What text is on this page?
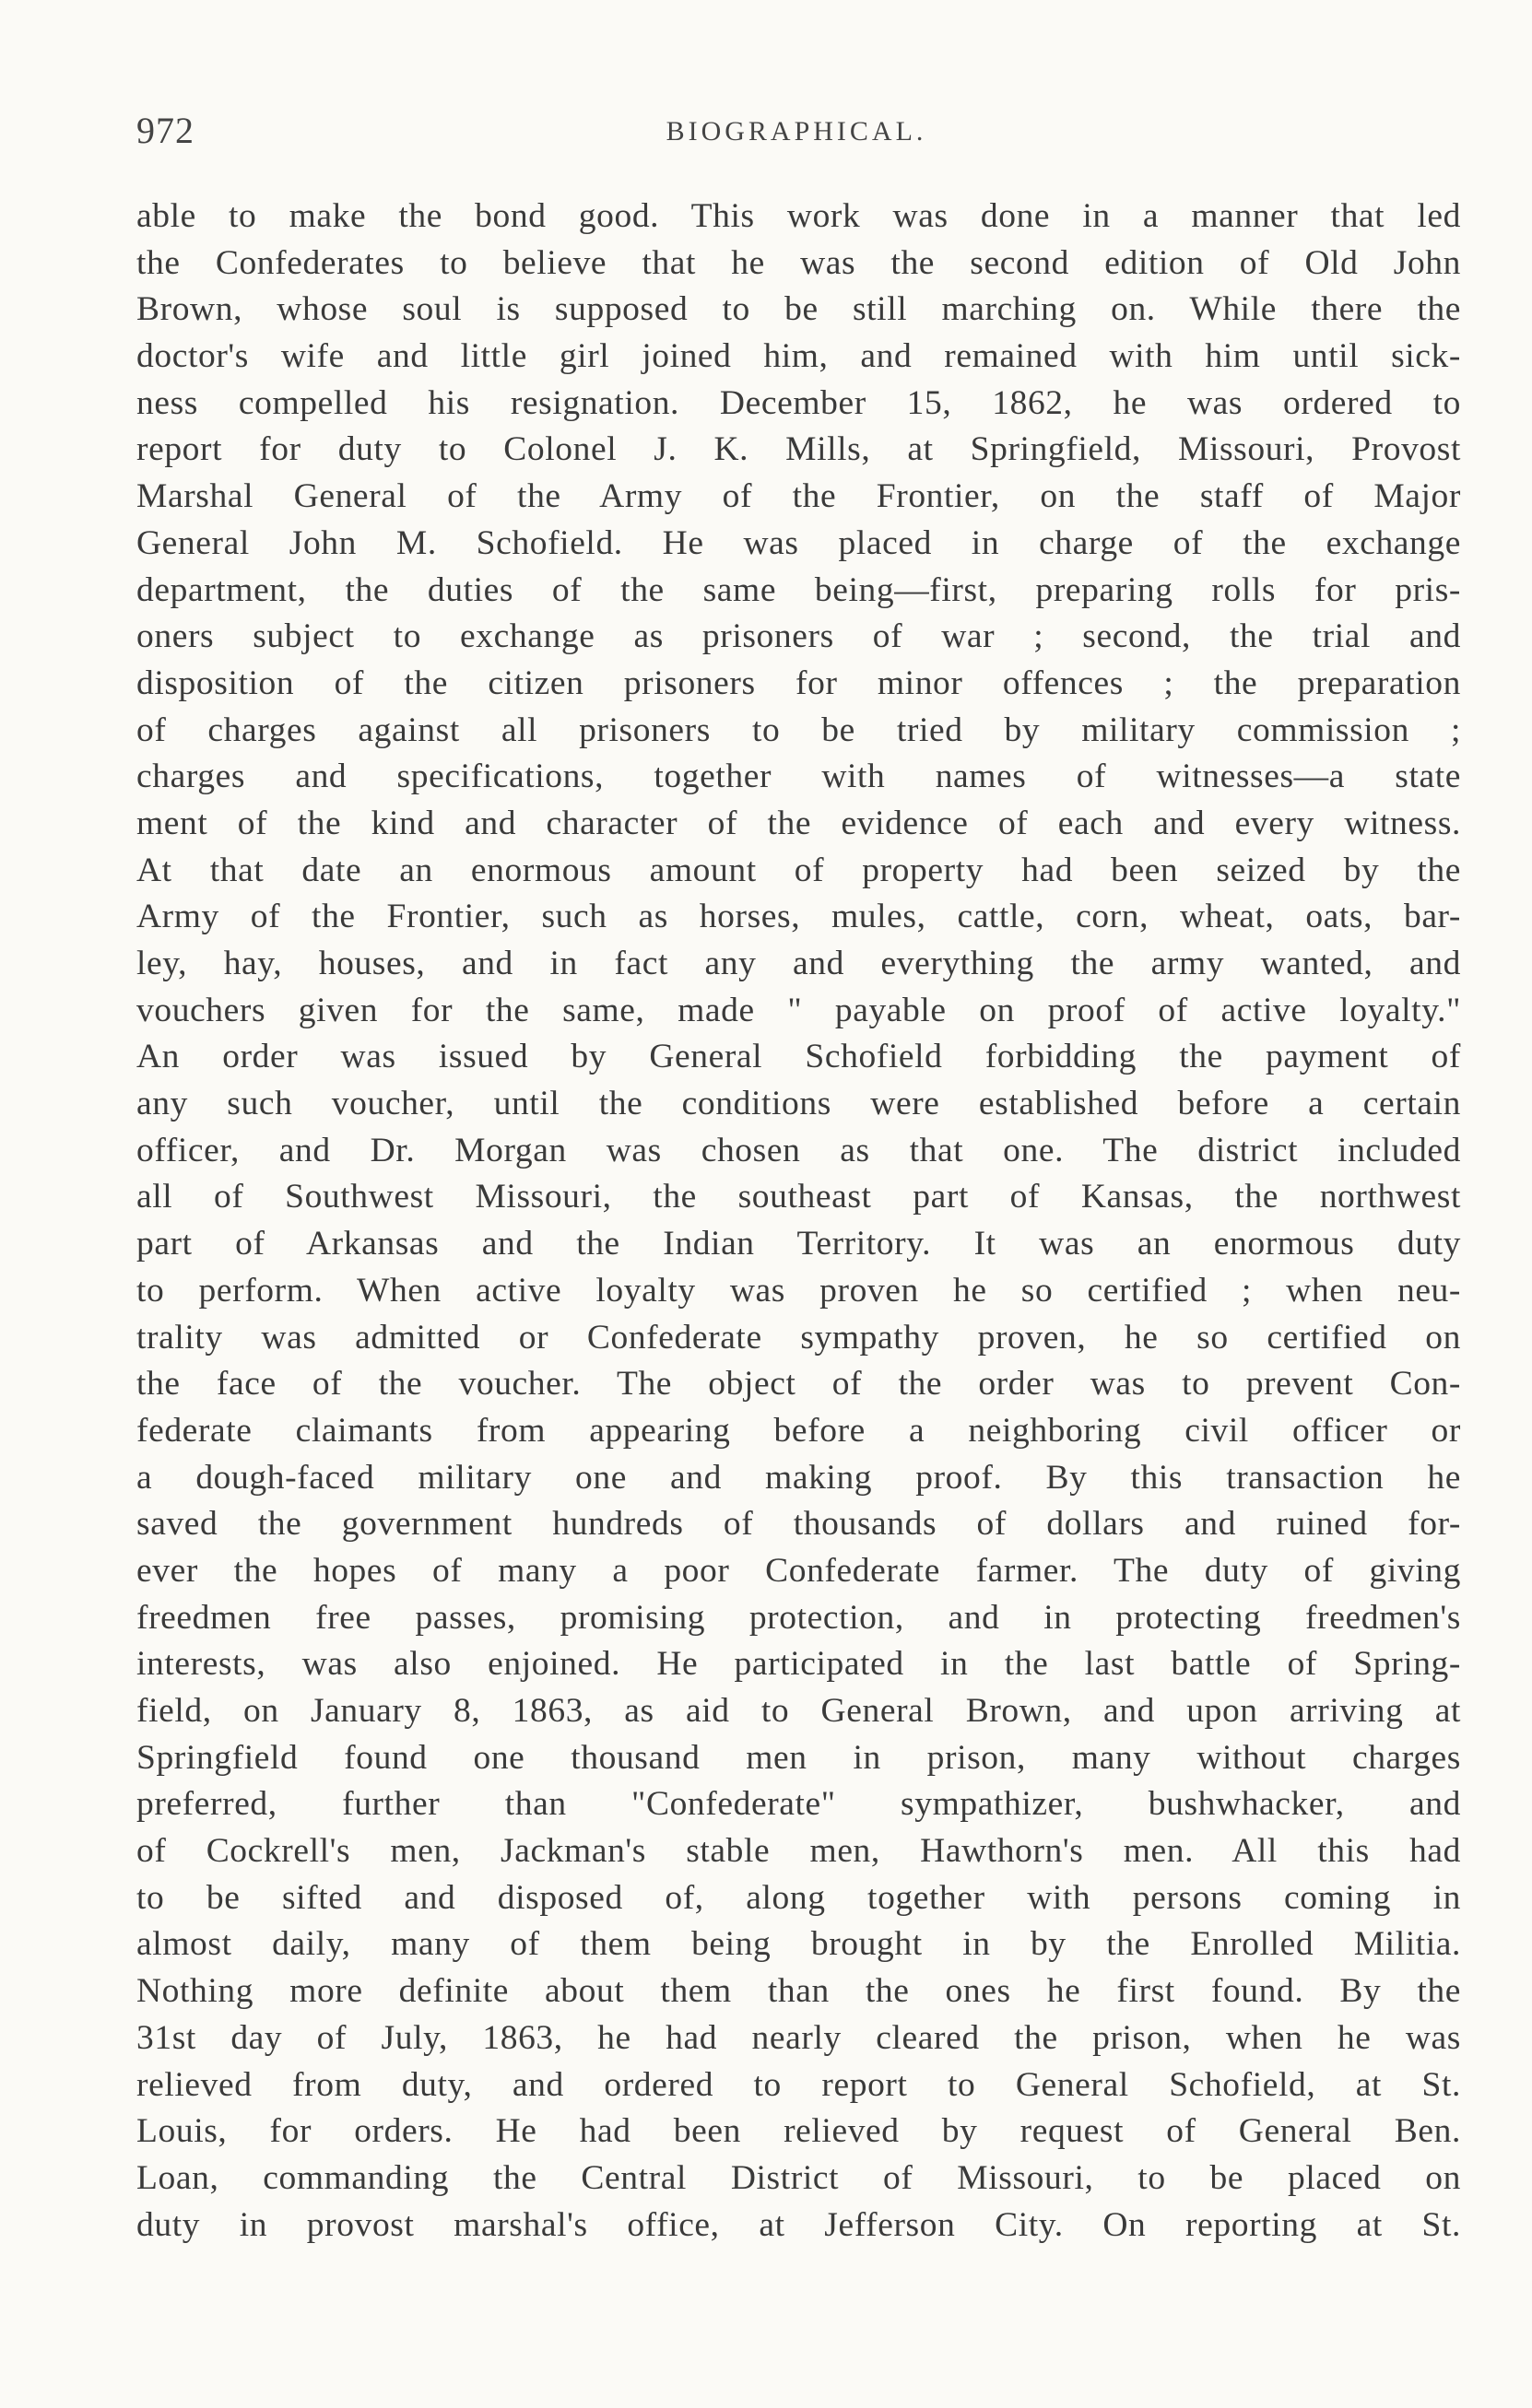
972	BIOGRAPHICAL.
able to make the bond good. This work was done in a manner that led
the Confederates to believe that he was the second edition of Old John
Brown, whose soul is supposed to be still marching on. While there the
doctor's wife and little girl joined him, and remained with him until sick-
ness compelled his resignation. December 15, 1862, he was ordered to
report for duty to Colonel J. K. Mills, at Springfield, Missouri, Provost
Marshal General of the Army of the Frontier, on the staff of Major
General John M. Schofield. He was placed in charge of the exchange
department, the duties of the same being—first, preparing rolls for pris-
oners subject to exchange as prisoners of war ; second, the trial and
disposition of the citizen prisoners for minor offences ; the preparation
of charges against all prisoners to be tried by military commission ;
charges and specifications, together with names of witnesses—a state
ment of the kind and character of the evidence of each and every witness.
At that date an enormous amount of property had been seized by the
Army of the Frontier, such as horses, mules, cattle, corn, wheat, oats, bar-
ley, hay, houses, and in fact any and everything the army wanted, and
vouchers given for the same, made " payable on proof of active loyalty."
An order was issued by General Schofield forbidding the payment of
any such voucher, until the conditions were established before a certain
officer, and Dr. Morgan was chosen as that one. The district included
all of Southwest Missouri, the southeast part of Kansas, the northwest
part of Arkansas and the Indian Territory. It was an enormous duty
to perform. When active loyalty was proven he so certified ; when neu-
trality was admitted or Confederate sympathy proven, he so certified on
the face of the voucher. The object of the order was to prevent Con-
federate claimants from appearing before a neighboring civil officer or
a dough-faced military one and making proof. By this transaction he
saved the government hundreds of thousands of dollars and ruined for-
ever the hopes of many a poor Confederate farmer. The duty of giving
freedmen free passes, promising protection, and in protecting freedmen's
interests, was also enjoined. He participated in the last battle of Spring-
field, on January 8, 1863, as aid to General Brown, and upon arriving at
Springfield found one thousand men in prison, many without charges
preferred, further than "Confederate" sympathizer, bushwhacker, and
of Cockrell's men, Jackman's stable men, Hawthorn's men. All this had
to be sifted and disposed of, along together with persons coming in
almost daily, many of them being brought in by the Enrolled Militia.
Nothing more definite about them than the ones he first found. By the
31st day of July, 1863, he had nearly cleared the prison, when he was
relieved from duty, and ordered to report to General Schofield, at St.
Louis, for orders. He had been relieved by request of General Ben.
Loan, commanding the Central District of Missouri, to be placed on
duty in provost marshal's office, at Jefferson City. On reporting at St.
